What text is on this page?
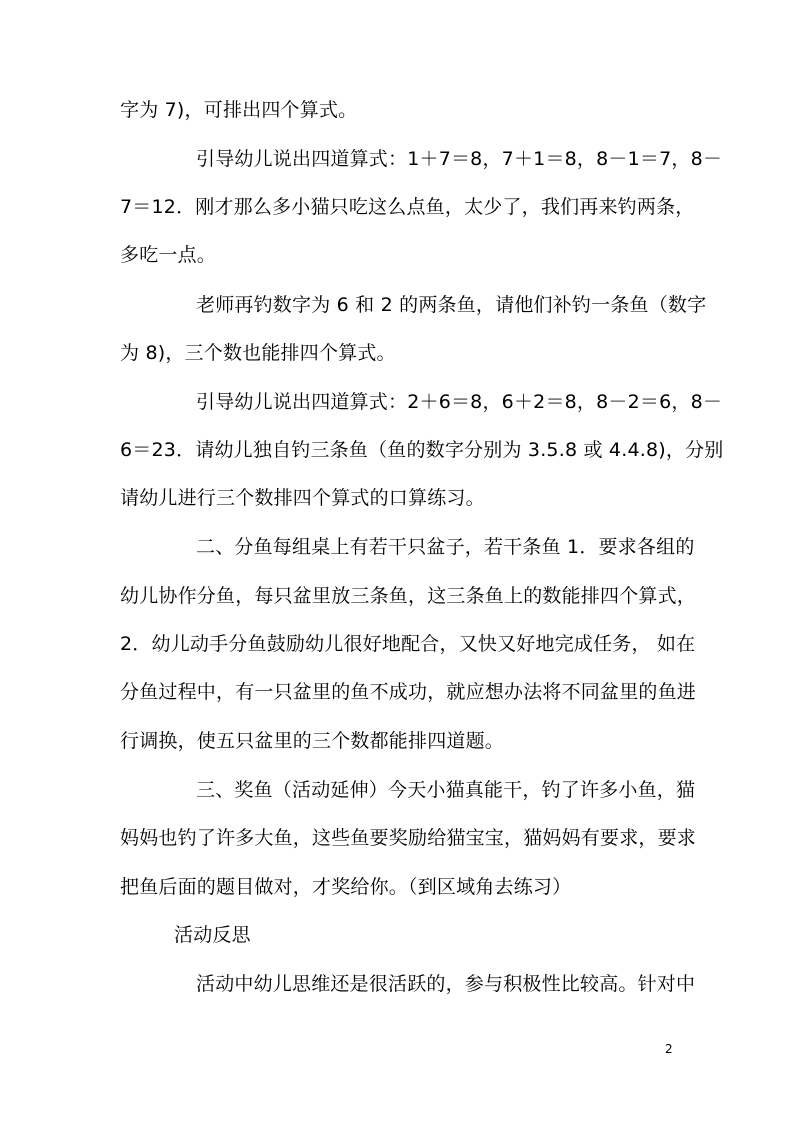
字为 7)，可排出四个算式。
引导幼儿说出四道算式：1＋7＝8，7＋1＝8，8－1＝7，8－
7＝12．刚才那么多小猫只吃这么点鱼，太少了，我们再来钓两条，
多吃一点。
老师再钓数字为 6 和 2 的两条鱼，请他们补钓一条鱼（数字
为 8)，三个数也能排四个算式。
引导幼儿说出四道算式：2＋6＝8，6＋2＝8，8－2＝6，8－
6＝23．请幼儿独自钓三条鱼（鱼的数字分别为 3.5.8 或 4.4.8)，分别
请幼儿进行三个数排四个算式的口算练习。
二、分鱼每组桌上有若干只盆子，若干条鱼 1．要求各组的
幼儿协作分鱼，每只盆里放三条鱼，这三条鱼上的数能排四个算式，
2．幼儿动手分鱼鼓励幼儿很好地配合，又快又好地完成任务， 如在
分鱼过程中，有一只盆里的鱼不成功，就应想办法将不同盆里的鱼进
行调换，使五只盆里的三个数都能排四道题。
三、奖鱼（活动延伸）今天小猫真能干，钓了许多小鱼，猫
妈妈也钓了许多大鱼，这些鱼要奖励给猫宝宝，猫妈妈有要求，要求
把鱼后面的题目做对，才奖给你。（到区域角去练习）
活动反思
活动中幼儿思维还是很活跃的，参与积极性比较高。针对中
2
